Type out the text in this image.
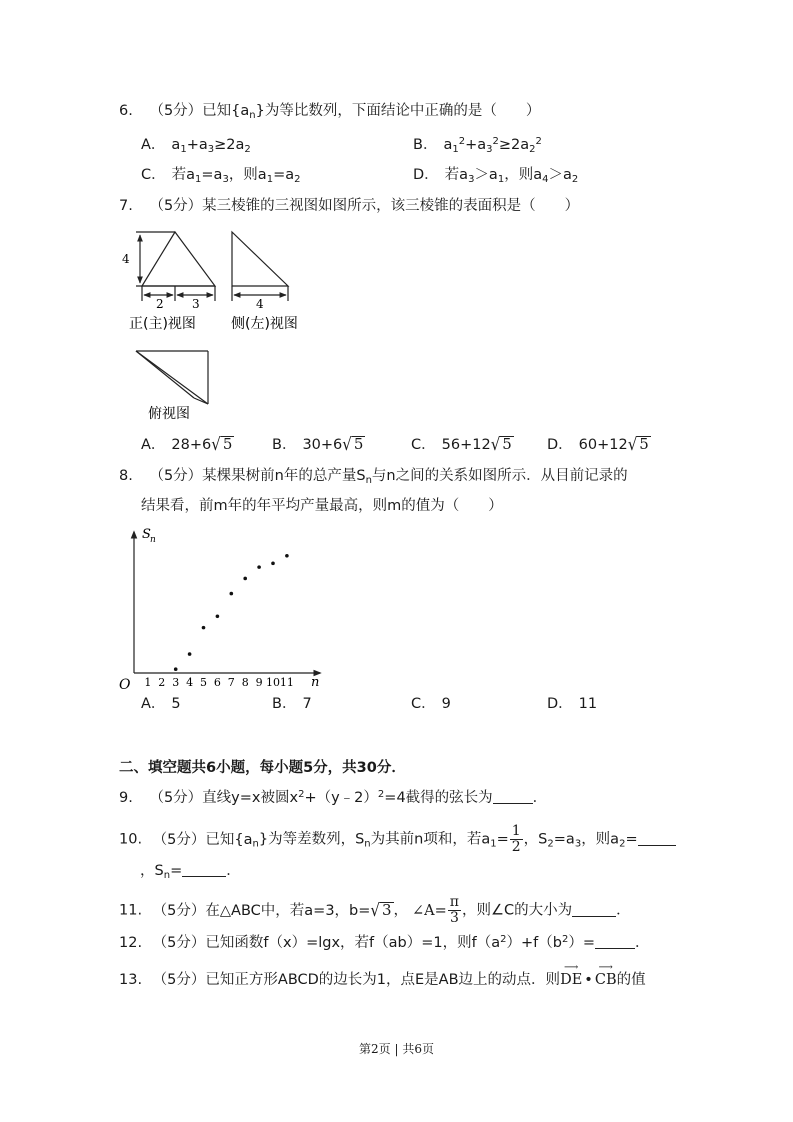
6. （5分）已知$\{a_n\}$为等比数列，下面结论中正确的是（　　）
A． $a_1+a_3\ge 2a_2$	B． $a_1^2+a_3^2\ge 2a_2^2$
C． 若$a_1=a_3$，则$a_1=a_2$	D． 若$a_3>a_1$，则$a_4>a_2$
7. （5分）某三棱锥的三视图如图所示，该三棱锥的表面积是（　　）
4
2 3	4
正(主)视图	侧(左)视图
俯视图
A． 28+6√ 5	B． 30+6√ 5	C． 56+12√ 5 D． 60+12√ 5
8. （5分）某棵果树前n年的总产量$S_n$与n之间的关系如图所示．从目前记录的
结果看，前m年的年平均产量最高，则m的值为（　　）
S n
n
O 1 2 3 4 5 6 7 8 9 10 11
A． 5	B． 7	C． 9	D． 11
二、填空题共6小题，每小题5分，共30分．
9. （5分）直线y=x被圆$x^2+(y﹣2)^2=4$截得的弦长为	．
10. （5分）已知$\{a_n\}$为等差数列，$S_n$为其前n项和，若$a_1= \frac{1}{2}$ ，$S_2=a_3$，则$a_2=$
，$S_n=$	．
11. （5分）在△ABC中，若a=3，b=√ 3 ， ∠A= $\frac{\pi}{3}$ ，则∠C的大小为	．
12. （5分）已知函数f（x）=lgx，若f（ab）=1，则$f(a^2)+f(b^2)=$	．
13. （5分）已知正方形ABCD的边长为1，点E是AB边上的动点．则
⟶
DE •
⟶
CB的值
第2页 | 共6页
